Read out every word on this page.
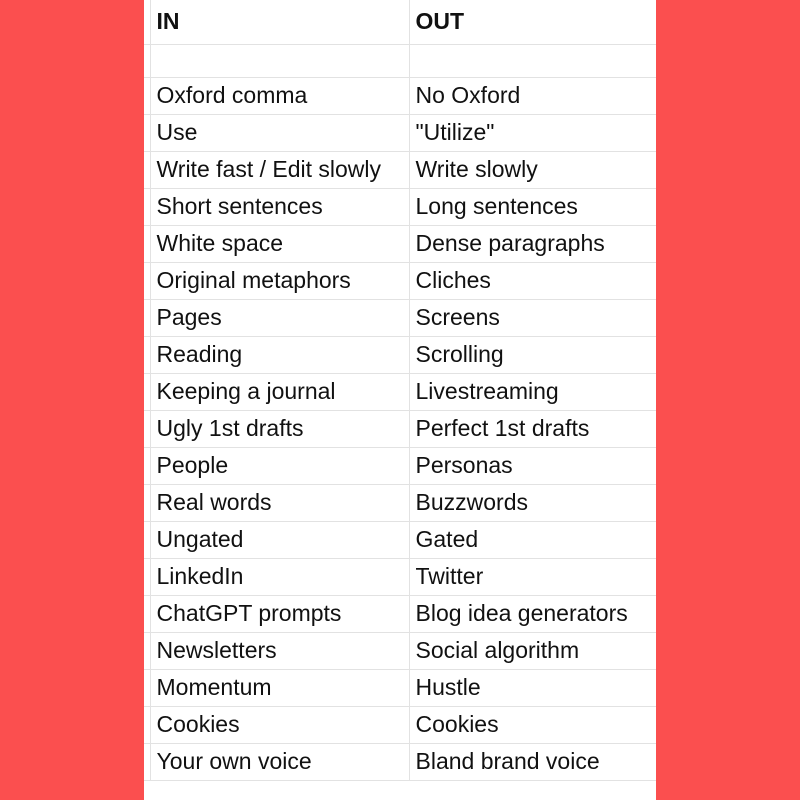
	IN	OUT

	Oxford comma	No Oxford
	Use	"Utilize"
	Write fast / Edit slowly	Write slowly
	Short sentences	Long sentences
	White space	Dense paragraphs
	Original metaphors	Cliches
	Pages	Screens
	Reading	Scrolling
	Keeping a journal	Livestreaming
	Ugly 1st drafts	Perfect 1st drafts
	People	Personas
	Real words	Buzzwords
	Ungated	Gated
	LinkedIn	Twitter
	ChatGPT prompts	Blog idea generators
	Newsletters	Social algorithm
	Momentum	Hustle
	Cookies	Cookies
	Your own voice	Bland brand voice
